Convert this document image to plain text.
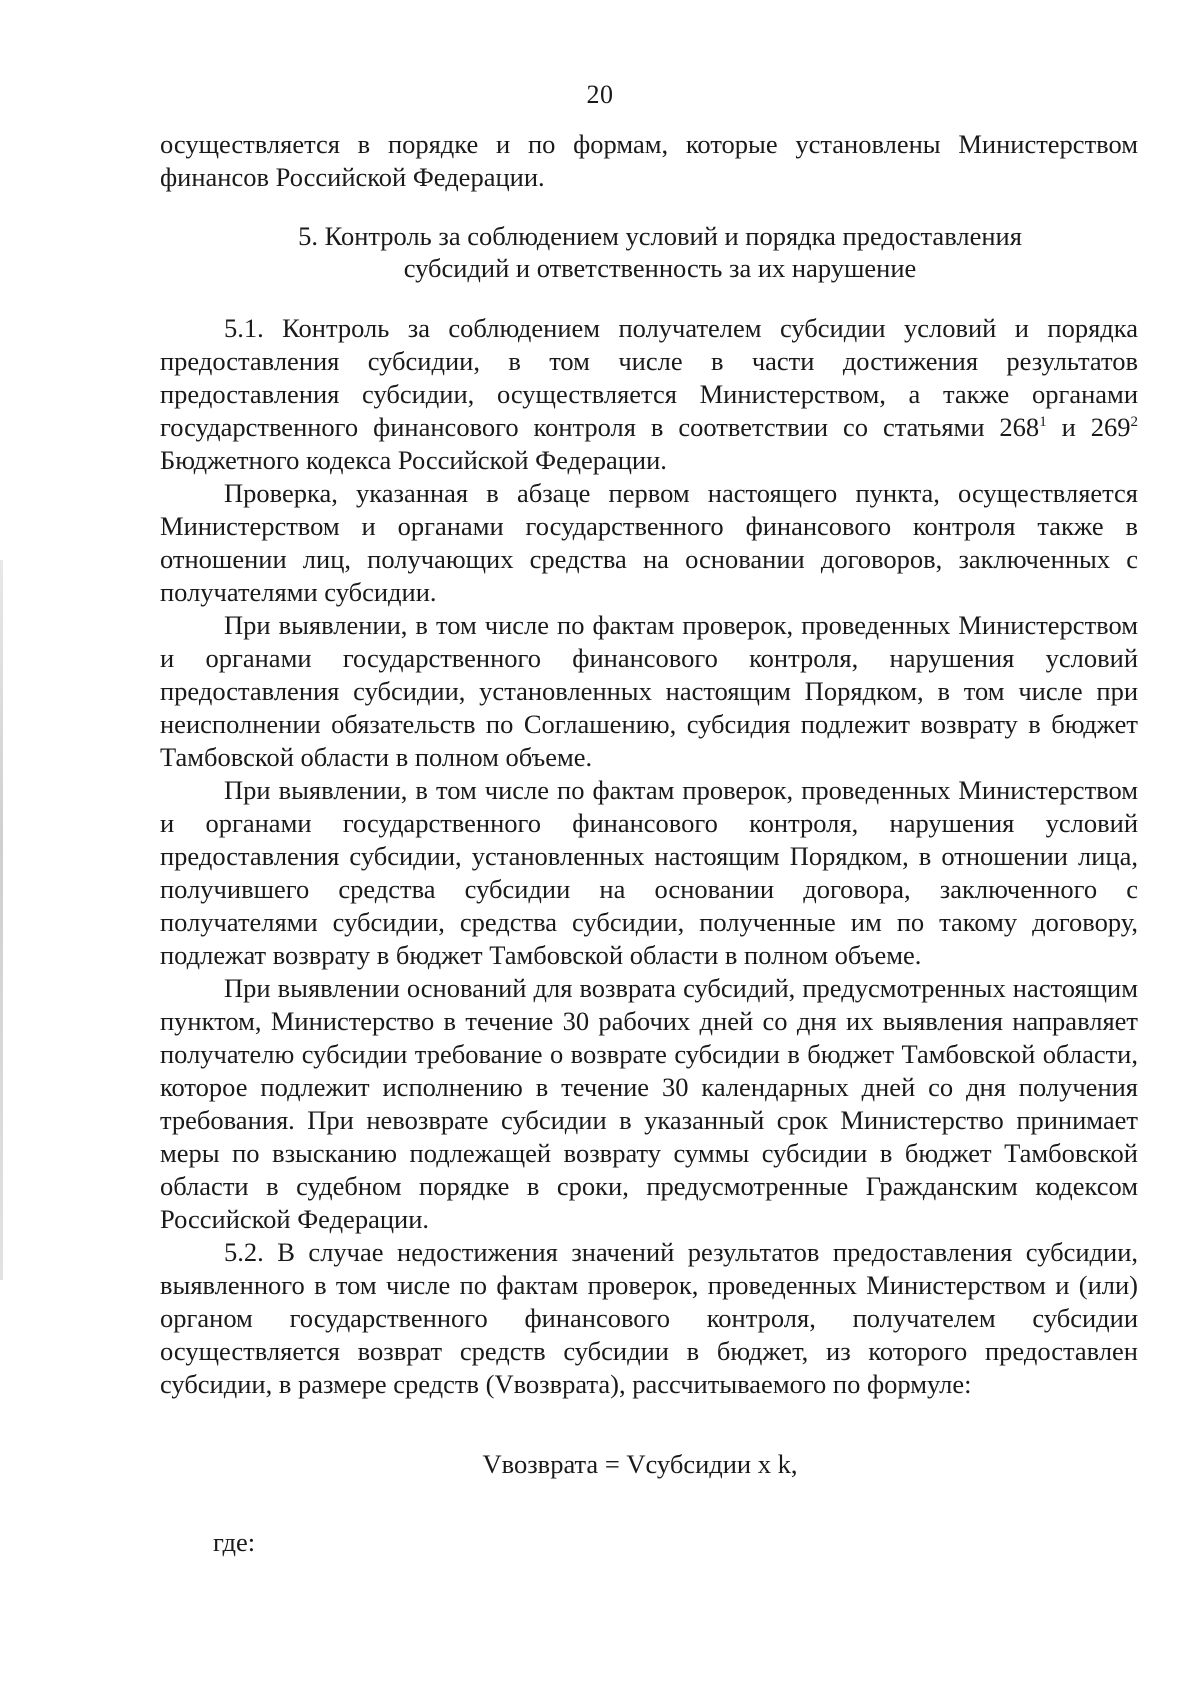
20

осуществляется в порядке и по формам, которые установлены Министерством финансов Российской Федерации.

5. Контроль за соблюдением условий и порядка предоставления
субсидий и ответственность за их нарушение

5.1. Контроль за соблюдением получателем субсидии условий и порядка предоставления субсидии, в том числе в части достижения результатов предоставления субсидии, осуществляется Министерством, а также органами государственного финансового контроля в соответствии со статьями $268^1$ и $269^2$ Бюджетного кодекса Российской Федерации.

Проверка, указанная в абзаце первом настоящего пункта, осуществляется Министерством и органами государственного финансового контроля также в отношении лиц, получающих средства на основании договоров, заключенных с получателями субсидии.

При выявлении, в том числе по фактам проверок, проведенных Министерством и органами государственного финансового контроля, нарушения условий предоставления субсидии, установленных настоящим Порядком, в том числе при неисполнении обязательств по Соглашению, субсидия подлежит возврату в бюджет Тамбовской области в полном объеме.

При выявлении, в том числе по фактам проверок, проведенных Министерством и органами государственного финансового контроля, нарушения условий предоставления субсидии, установленных настоящим Порядком, в отношении лица, получившего средства субсидии на основании договора, заключенного с получателями субсидии, средства субсидии, полученные им по такому договору, подлежат возврату в бюджет Тамбовской области в полном объеме.

При выявлении оснований для возврата субсидий, предусмотренных настоящим пунктом, Министерство в течение 30 рабочих дней со дня их выявления направляет получателю субсидии требование о возврате субсидии в бюджет Тамбовской области, которое подлежит исполнению в течение 30 календарных дней со дня получения требования. При невозврате субсидии в указанный срок Министерство принимает меры по взысканию подлежащей возврату суммы субсидии в бюджет Тамбовской области в судебном порядке в сроки, предусмотренные Гражданским кодексом Российской Федерации.

5.2. В случае недостижения значений результатов предоставления субсидии, выявленного в том числе по фактам проверок, проведенных Министерством и (или) органом государственного финансового контроля, получателем субсидии осуществляется возврат средств субсидии в бюджет, из которого предоставлен субсидии, в размере средств (Vвозврата), рассчитываемого по формуле:

Vвозврата = Vсубсидии x k,
где:
